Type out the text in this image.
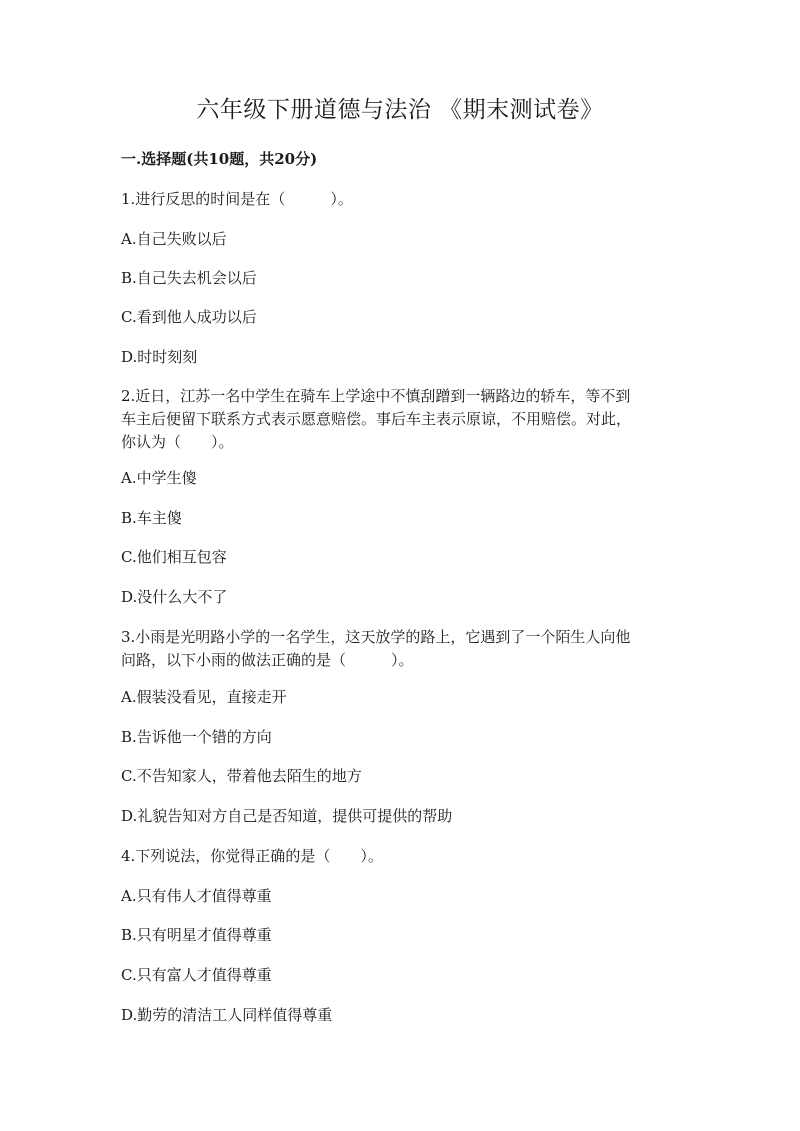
六年级下册道德与法治 《期末测试卷》
一.选择题(共10题，共20分)
1.进行反思的时间是在（　　　）。
A.自己失败以后
B.自己失去机会以后
C.看到他人成功以后
D.时时刻刻
2.近日，江苏一名中学生在骑车上学途中不慎刮蹭到一辆路边的轿车，等不到
车主后便留下联系方式表示愿意赔偿。事后车主表示原谅，不用赔偿。对此，
你认为（　　）。
A.中学生傻
B.车主傻
C.他们相互包容
D.没什么大不了
3.小雨是光明路小学的一名学生，这天放学的路上，它遇到了一个陌生人向他
问路，以下小雨的做法正确的是（　　　）。
A.假装没看见，直接走开
B.告诉他一个错的方向
C.不告知家人，带着他去陌生的地方
D.礼貌告知对方自己是否知道，提供可提供的帮助
4.下列说法，你觉得正确的是（　　）。
A.只有伟人才值得尊重
B.只有明星才值得尊重
C.只有富人才值得尊重
D.勤劳的清洁工人同样值得尊重
